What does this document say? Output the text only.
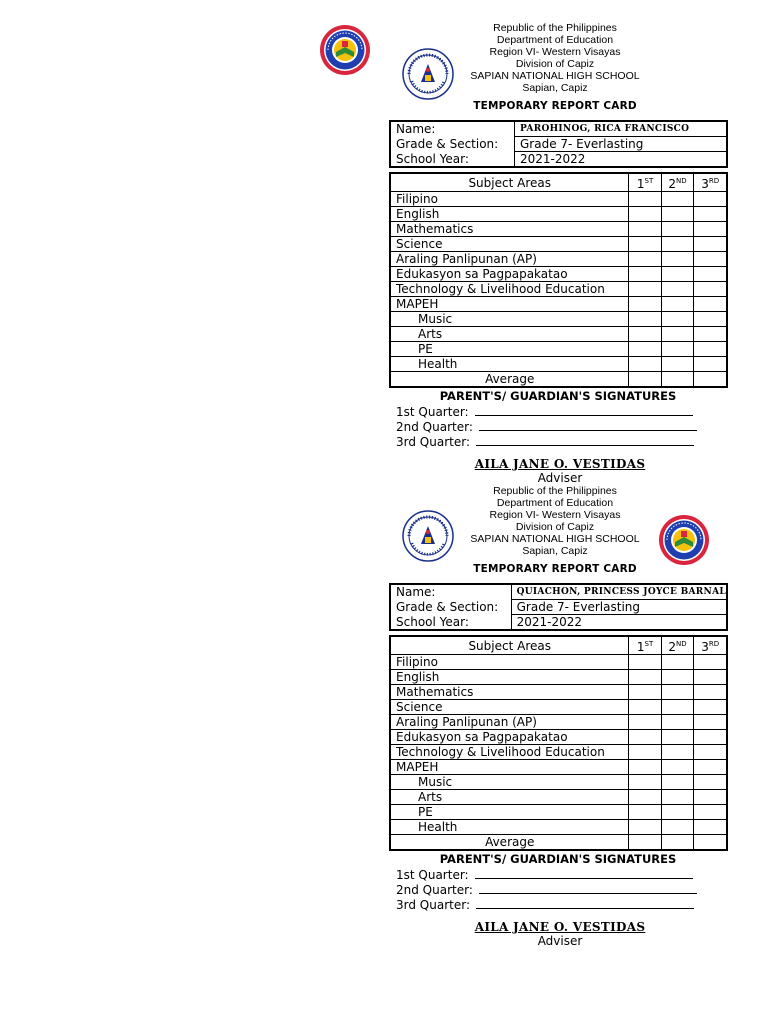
Republic of the Philippines
Department of Education
Region VI- Western Visayas
Division of Capiz
SAPIAN NATIONAL HIGH SCHOOL
Sapian, Capiz
TEMPORARY REPORT CARD
Name:	PAROHINOG, RICA FRANCISCO
Grade & Section:	Grade 7- Everlasting
School Year:	2021-2022
Subject Areas	1ST	2ND	3RD
Filipino			
English			
Mathematics			
Science			
Araling Panlipunan (AP)			
Edukasyon sa Pagpapakatao			
Technology & Livelihood Education			
MAPEH			
Music			
Arts			
PE			
Health			
Average			
PARENT'S/ GUARDIAN'S SIGNATURES
1st Quarter:
2nd Quarter:
3rd Quarter:
AILA JANE O. VESTIDAS
Adviser
Republic of the Philippines
Department of Education
Region VI- Western Visayas
Division of Capiz
SAPIAN NATIONAL HIGH SCHOOL
Sapian, Capiz
TEMPORARY REPORT CARD
Name:	QUIACHON, PRINCESS JOYCE BARNAL
Grade & Section:	Grade 7- Everlasting
School Year:	2021-2022
Subject Areas	1ST	2ND	3RD
Filipino			
English			
Mathematics			
Science			
Araling Panlipunan (AP)			
Edukasyon sa Pagpapakatao			
Technology & Livelihood Education			
MAPEH			
Music			
Arts			
PE			
Health			
Average			
PARENT'S/ GUARDIAN'S SIGNATURES
1st Quarter:
2nd Quarter:
3rd Quarter:
AILA JANE O. VESTIDAS
Adviser
